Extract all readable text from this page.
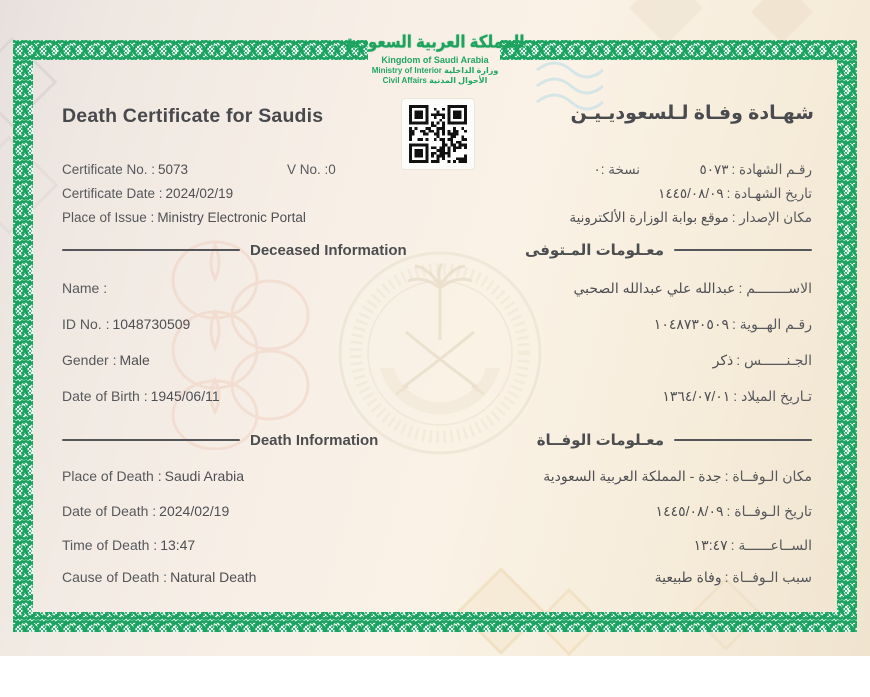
المملكة العربية السعودية
Kingdom of Saudi Arabia
Ministry of Interior وزارة الداخلية
Civil Affairs الأحوال المدنية
Death Certificate for Saudis	شهـادة وفـاة لـلسعوديـيـن
Certificate No. : 5073	V No. :0	نسخة :٠	رقـم الشهادة :٥٠٧٣
Certificate Date : 2024/02/19	تاريخ الشهـادة :١٤٤٥/٠٨/٠٩
Place of Issue : Ministry Electronic Portal	مكان الإصدار :موقع بوابة الوزارة الألكترونية
Deceased Information	معـلومات المـتوفى
Name :	الاســــــــم :عبدالله علي عبدالله الصحبي
ID No. : 1048730509	رقـم الهــوية :١٠٤٨٧٣٠٥٠٩
Gender : Male	الجـنــــــس :ذكر
Date of Birth : 1945/06/11	تـاريخ الميلاد :١٣٦٤/٠٧/٠١
Death Information	معـلومات الوفــاة
Place of Death : Saudi Arabia	مكان الـوفــاة :جدة - المملكة العربية السعودية
Date of Death : 2024/02/19	تاريخ الـوفــاة :١٤٤٥/٠٨/٠٩
Time of Death : 13:47	الســاعــــــة :١٣:٤٧
Cause of Death : Natural Death	سبب الـوفــاة :وفاة طبيعية
